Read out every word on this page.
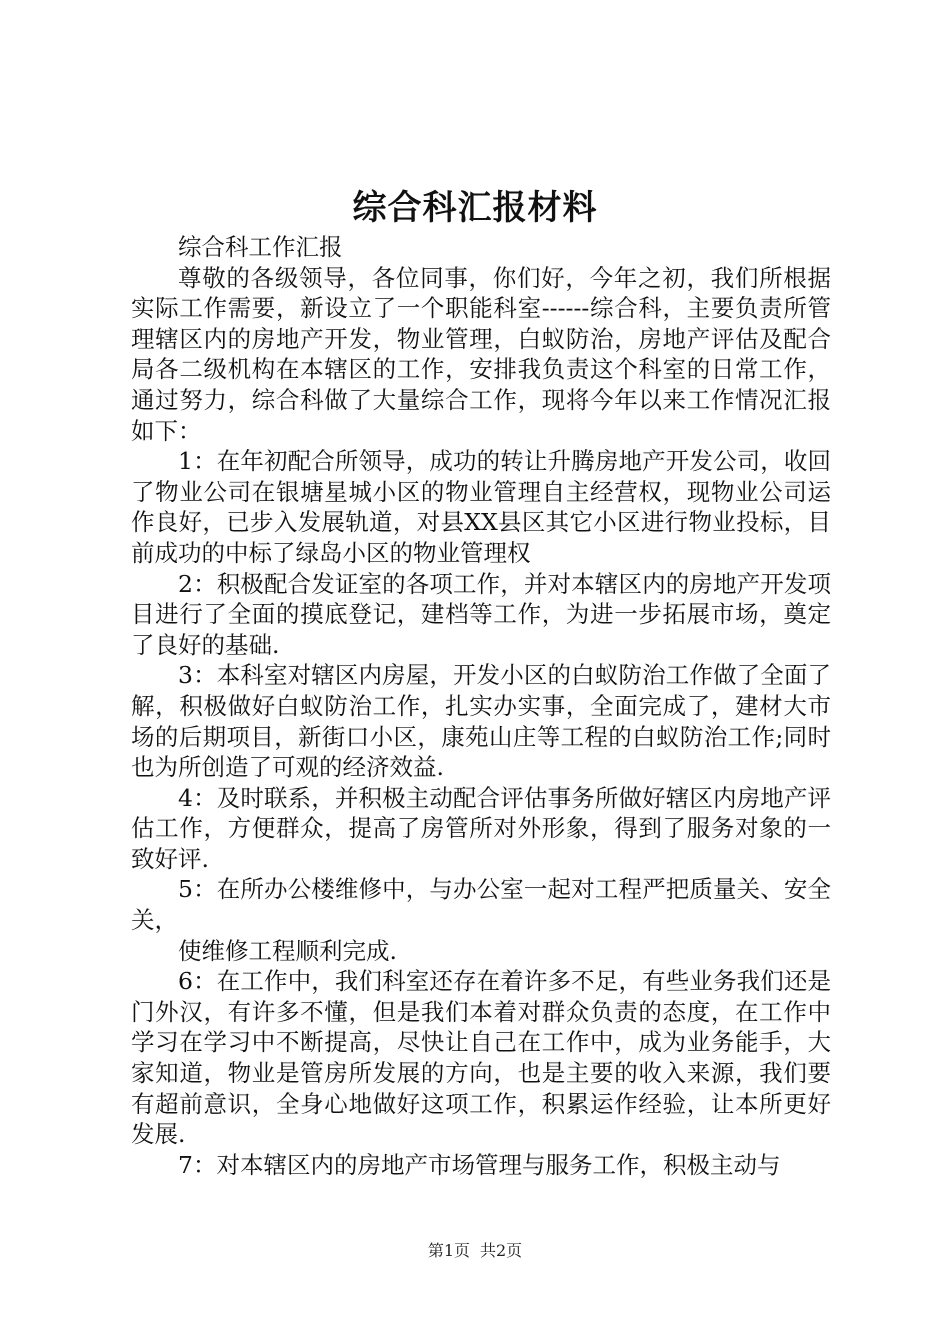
综合科汇报材料

综合科工作汇报

尊敬的各级领导，各位同事，你们好，今年之初，我们所根据实际工作需要，新设立了一个职能科室------综合科，主要负责所管理辖区内的房地产开发，物业管理，白蚁防治，房地产评估及配合局各二级机构在本辖区的工作，安排我负责这个科室的日常工作，通过努力，综合科做了大量综合工作，现将今年以来工作情况汇报如下：

1：在年初配合所领导，成功的转让升腾房地产开发公司，收回了物业公司在银塘星城小区的物业管理自主经营权，现物业公司运作良好，已步入发展轨道，对县XX县区其它小区进行物业投标，目前成功的中标了绿岛小区的物业管理权

2：积极配合发证室的各项工作，并对本辖区内的房地产开发项目进行了全面的摸底登记，建档等工作，为进一步拓展市场，奠定了良好的基础.

3：本科室对辖区内房屋，开发小区的白蚁防治工作做了全面了解，积极做好白蚁防治工作，扎实办实事，全面完成了，建材大市场的后期项目，新街口小区，康苑山庄等工程的白蚁防治工作;同时也为所创造了可观的经济效益.

4：及时联系，并积极主动配合评估事务所做好辖区内房地产评估工作，方便群众，提高了房管所对外形象，得到了服务对象的一致好评.

5：在所办公楼维修中，与办公室一起对工程严把质量关、安全关，

使维修工程顺利完成.

6：在工作中，我们科室还存在着许多不足，有些业务我们还是门外汉，有许多不懂，但是我们本着对群众负责的态度，在工作中学习在学习中不断提高，尽快让自己在工作中，成为业务能手，大家知道，物业是管房所发展的方向，也是主要的收入来源，我们要有超前意识，全身心地做好这项工作，积累运作经验，让本所更好发展.

7：对本辖区内的房地产市场管理与服务工作，积极主动与

第1页 共2页
